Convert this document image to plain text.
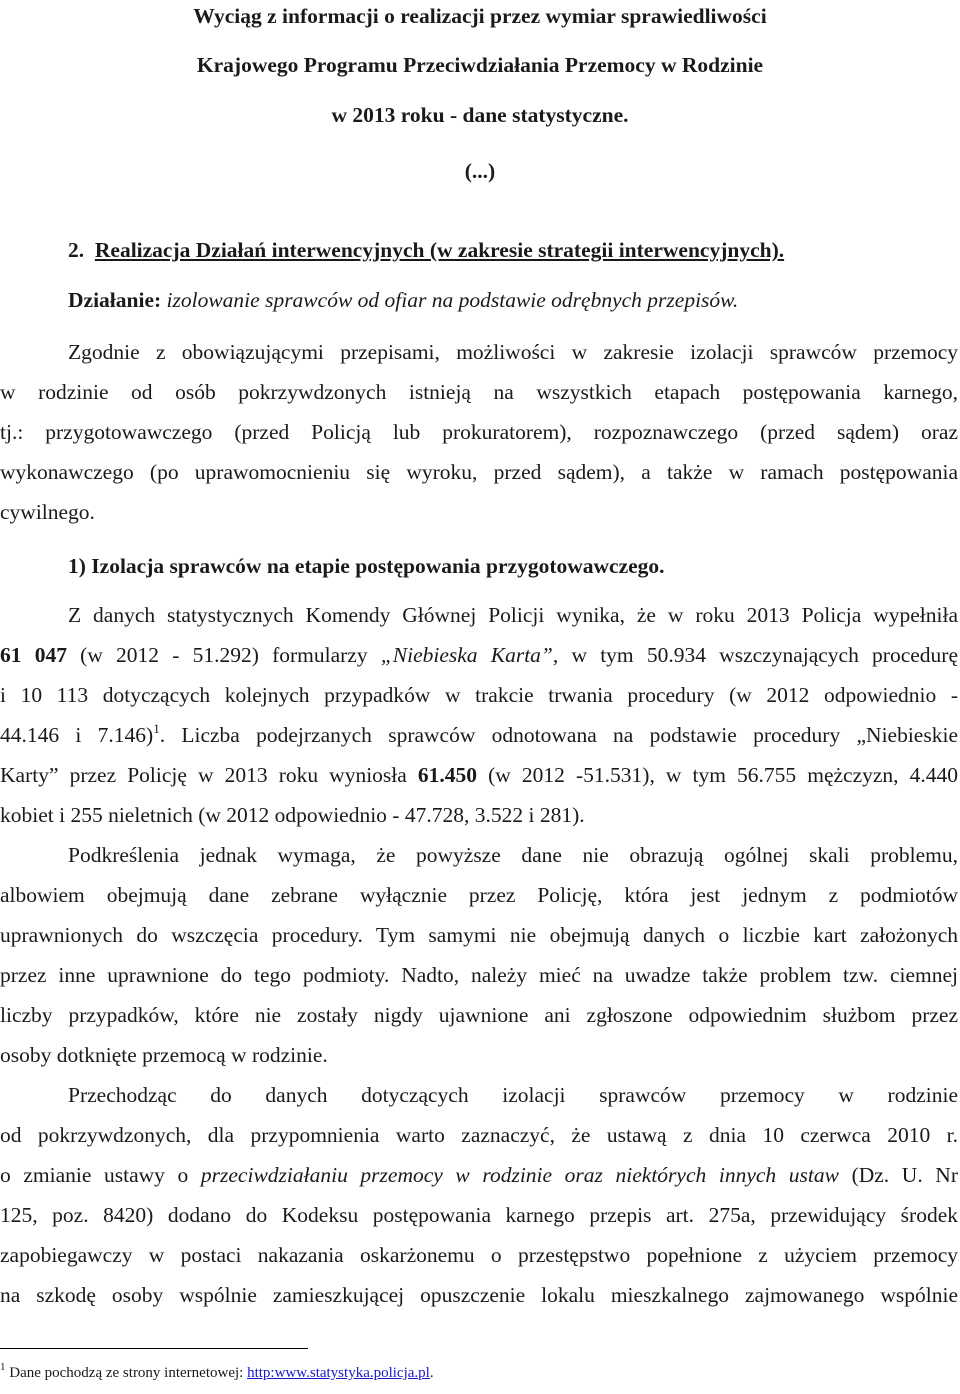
Wyciąg z informacji o realizacji przez wymiar sprawiedliwości
Krajowego Programu Przeciwdziałania Przemocy w Rodzinie
w 2013 roku - dane statystyczne.
(...)
2. Realizacja Działań interwencyjnych (w zakresie strategii interwencyjnych).
Działanie: izolowanie sprawców od ofiar na podstawie odrębnych przepisów.
Zgodnie z obowiązującymi przepisami, możliwości w zakresie izolacji sprawców przemocy
w rodzinie od osób pokrzywdzonych istnieją na wszystkich etapach postępowania karnego,
tj.: przygotowawczego (przed Policją lub prokuratorem), rozpoznawczego (przed sądem) oraz
wykonawczego (po uprawomocnieniu się wyroku, przed sądem), a także w ramach postępowania
cywilnego.
1) Izolacja sprawców na etapie postępowania przygotowawczego.
Z danych statystycznych Komendy Głównej Policji wynika, że w roku 2013 Policja wypełniła
61 047 (w 2012 - 51.292) formularzy „Niebieska Karta”, w tym 50.934 wszczynających procedurę
i 10 113 dotyczących kolejnych przypadków w trakcie trwania procedury (w 2012 odpowiednio -
44.146 i 7.146)$^1$. Liczba podejrzanych sprawców odnotowana na podstawie procedury „Niebieskie
Karty” przez Policję w 2013 roku wyniosła 61.450 (w 2012 -51.531), w tym 56.755 mężczyzn, 4.440
kobiet i 255 nieletnich (w 2012 odpowiednio - 47.728, 3.522 i 281).
Podkreślenia jednak wymaga, że powyższe dane nie obrazują ogólnej skali problemu,
albowiem obejmują dane zebrane wyłącznie przez Policję, która jest jednym z podmiotów
uprawnionych do wszczęcia procedury. Tym samymi nie obejmują danych o liczbie kart założonych
przez inne uprawnione do tego podmioty. Nadto, należy mieć na uwadze także problem tzw. ciemnej
liczby przypadków, które nie zostały nigdy ujawnione ani zgłoszone odpowiednim służbom przez
osoby dotknięte przemocą w rodzinie.
Przechodząc do danych dotyczących izolacji sprawców przemocy w rodzinie
od pokrzywdzonych, dla przypomnienia warto zaznaczyć, że ustawą z dnia 10 czerwca 2010 r.
o zmianie ustawy o przeciwdziałaniu przemocy w rodzinie oraz niektórych innych ustaw (Dz. U. Nr
125, poz. 8420) dodano do Kodeksu postępowania karnego przepis art. 275a, przewidujący środek
zapobiegawczy w postaci nakazania oskarżonemu o przestępstwo popełnione z użyciem przemocy
na szkodę osoby wspólnie zamieszkującej opuszczenie lokalu mieszkalnego zajmowanego wspólnie
$^1$ Dane pochodzą ze strony internetowej: http:www.statystyka.policja.pl.
